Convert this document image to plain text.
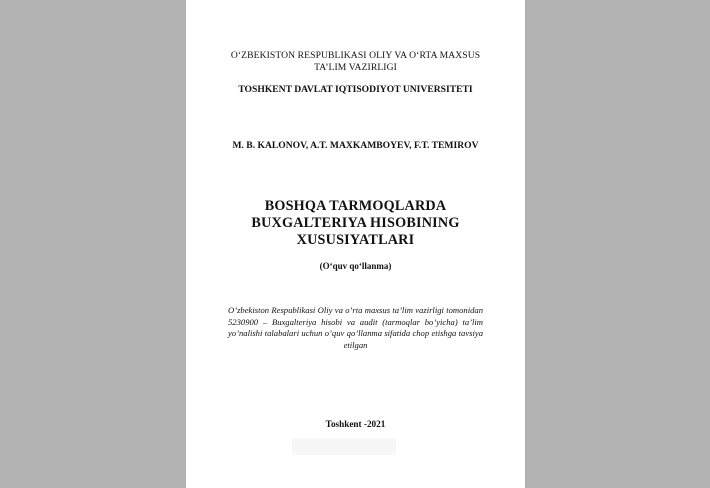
O‘ZBEKISTON RESPUBLIKASI OLIY VA O‘RTA MAXSUS
TA’LIM VAZIRLIGI
TOSHKENT DAVLAT IQTISODIYOT UNIVERSITETI
M. B. KALONOV, A.T. MAXKAMBOYEV, F.T. TEMIROV
BOSHQA TARMOQLARDA
BUXGALTERIYA HISOBINING
XUSUSIYATLARI
(O‘quv qo‘llanma)
O’zbekiston Respublikasi Oliy va o’rta maxsus ta’lim vazirligi tomonidan 5230900 – Buxgalteriya hisobi va audit (tarmoqlar bo’yicha) ta’lim yo’nalishi talabalari uchun o’quv qo’llanma sifatida chop etishga tavsiya etilgan
Toshkent -2021
